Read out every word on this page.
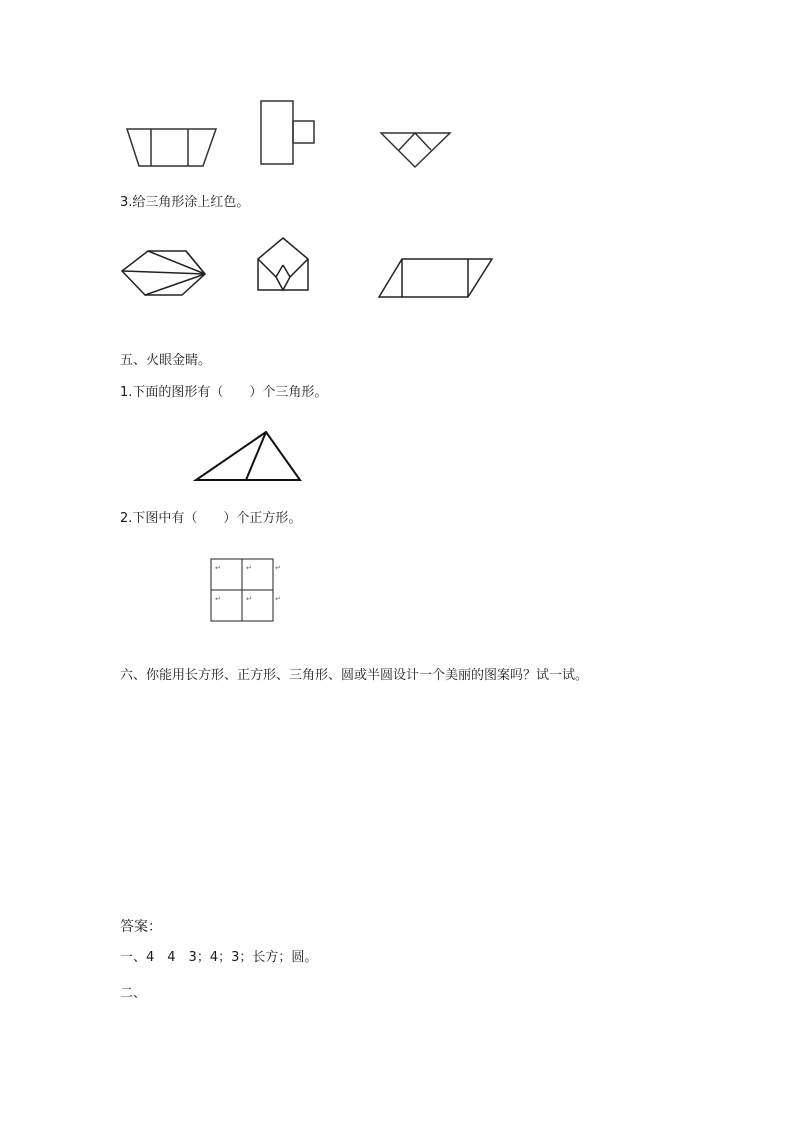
3.给三角形涂上红色。
五、火眼金睛。
1.下面的图形有（　　）个三角形。
2.下图中有（　　）个正方形。
↵	↵	↵
↵	↵	↵
六、你能用长方形、正方形、三角形、圆或半圆设计一个美丽的图案吗？试一试。
答案：
一、4　4　3；4；3；长方；圆。
二、
